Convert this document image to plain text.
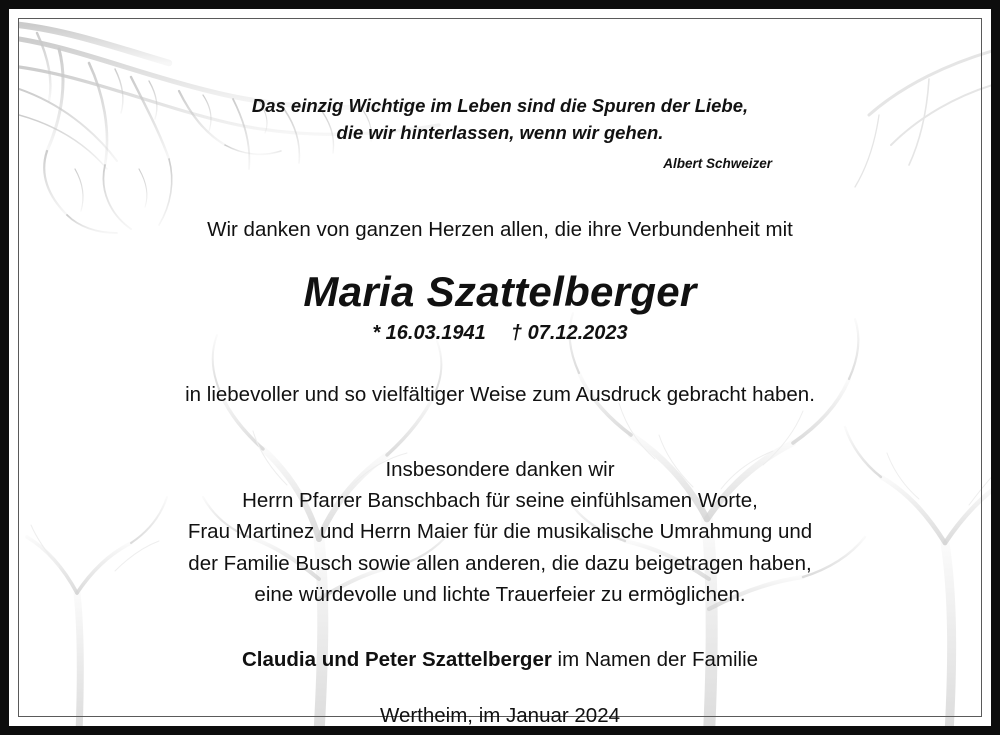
Das einzig Wichtige im Leben sind die Spuren der Liebe,
die wir hinterlassen, wenn wir gehen.
Albert Schweizer
Wir danken von ganzen Herzen allen, die ihre Verbundenheit mit
Maria Szattelberger
* 16.03.1941 † 07.12.2023
in liebevoller und so vielfältiger Weise zum Ausdruck gebracht haben.
Insbesondere danken wir
Herrn Pfarrer Banschbach für seine einfühlsamen Worte,
Frau Martinez und Herrn Maier für die musikalische Umrahmung und
der Familie Busch sowie allen anderen, die dazu beigetragen haben,
eine würdevolle und lichte Trauerfeier zu ermöglichen.
Claudia und Peter Szattelberger im Namen der Familie
Wertheim, im Januar 2024
